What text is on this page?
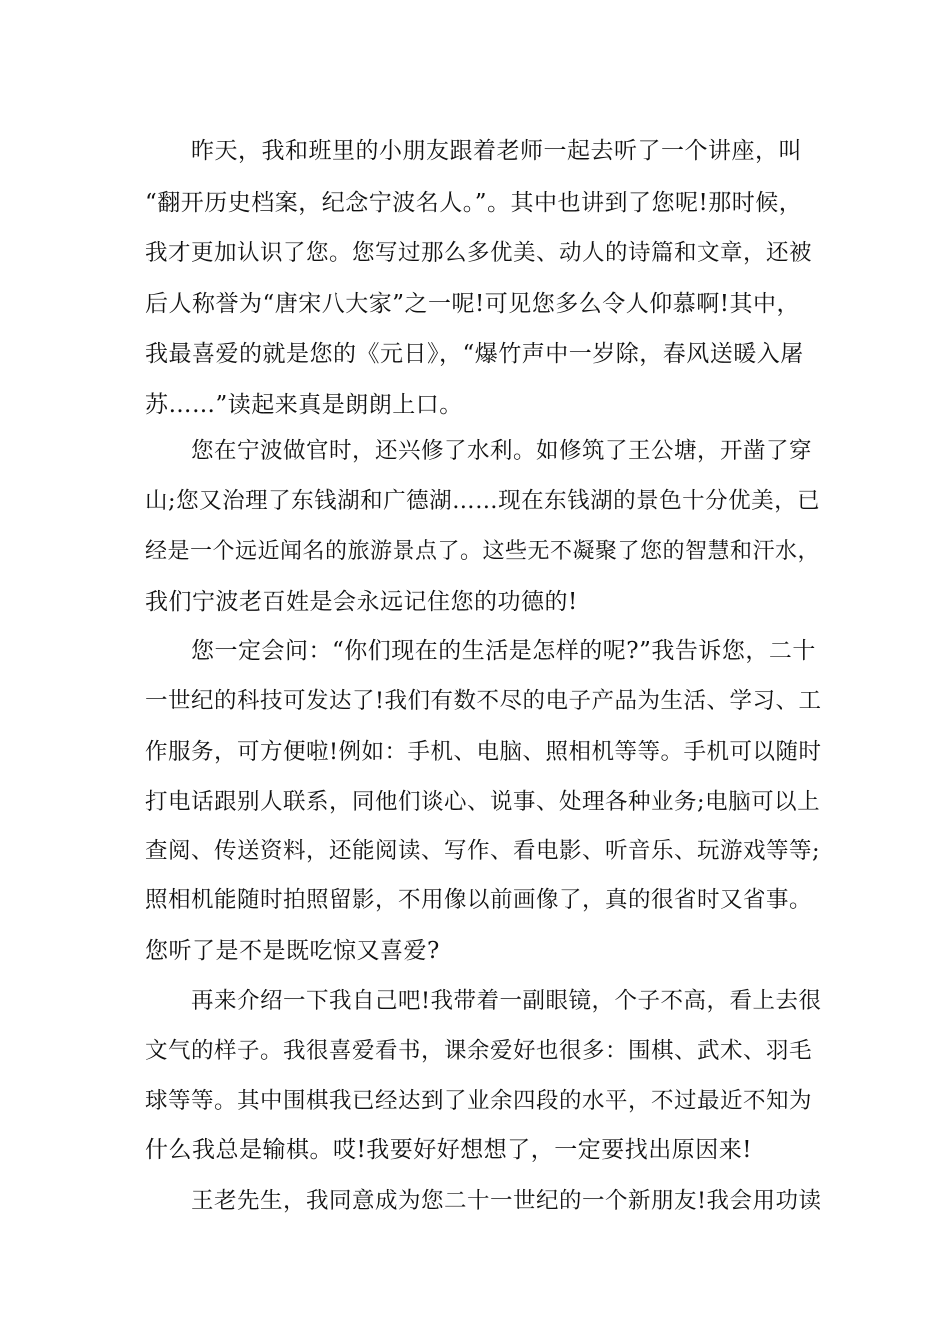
昨天，我和班里的小朋友跟着老师一起去听了一个讲座，叫
“翻开历史档案，纪念宁波名人。”。其中也讲到了您呢!那时候，
我才更加认识了您。您写过那么多优美、动人的诗篇和文章，还被
后人称誉为“唐宋八大家”之一呢!可见您多么令人仰慕啊!其中，
我最喜爱的就是您的《元日》，“爆竹声中一岁除，春风送暖入屠
苏……”读起来真是朗朗上口。
您在宁波做官时，还兴修了水利。如修筑了王公塘，开凿了穿
山;您又治理了东钱湖和广德湖……现在东钱湖的景色十分优美，已
经是一个远近闻名的旅游景点了。这些无不凝聚了您的智慧和汗水，
我们宁波老百姓是会永远记住您的功德的!
您一定会问：“你们现在的生活是怎样的呢?”我告诉您，二十
一世纪的科技可发达了!我们有数不尽的电子产品为生活、学习、工
作服务，可方便啦!例如：手机、电脑、照相机等等。手机可以随时
打电话跟别人联系，同他们谈心、说事、处理各种业务;电脑可以上
查阅、传送资料，还能阅读、写作、看电影、听音乐、玩游戏等等;
照相机能随时拍照留影，不用像以前画像了，真的很省时又省事。
您听了是不是既吃惊又喜爱?
再来介绍一下我自己吧!我带着一副眼镜，个子不高，看上去很
文气的样子。我很喜爱看书，课余爱好也很多：围棋、武术、羽毛
球等等。其中围棋我已经达到了业余四段的水平，不过最近不知为
什么我总是输棋。哎!我要好好想想了，一定要找出原因来!
王老先生，我同意成为您二十一世纪的一个新朋友!我会用功读
